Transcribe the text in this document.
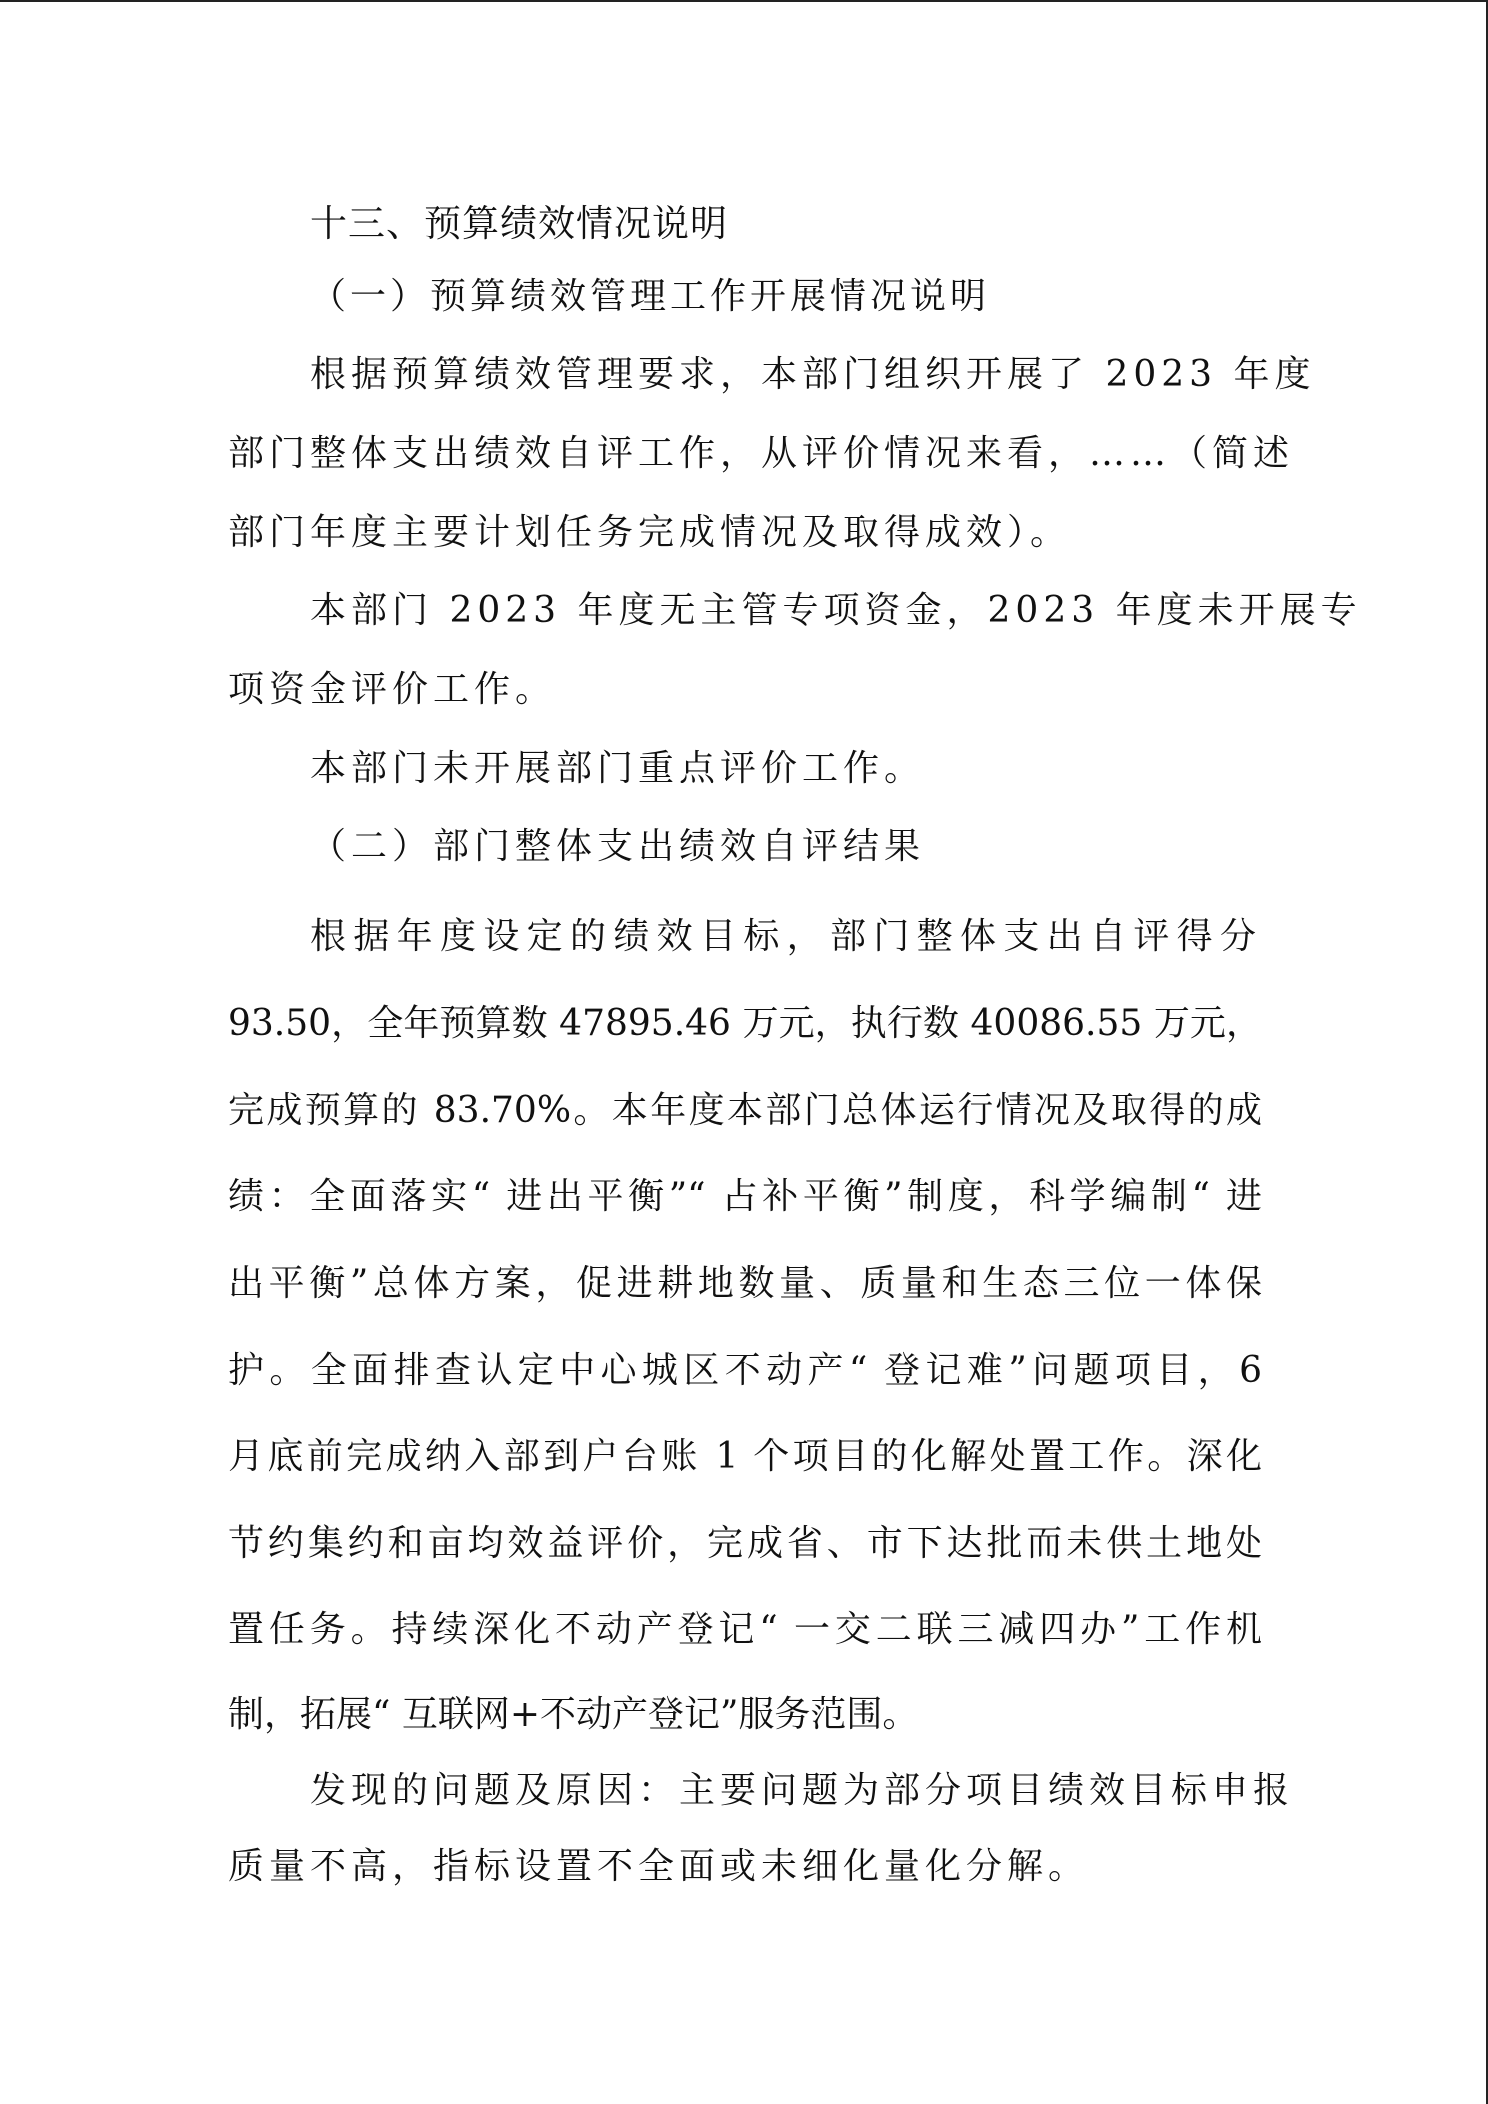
十三、预算绩效情况说明
（一）预算绩效管理工作开展情况说明
根据预算绩效管理要求，本部门组织开展了 2023 年度
部门整体支出绩效自评工作，从评价情况来看，……（简述
部门年度主要计划任务完成情况及取得成效）。
本部门 2023 年度无主管专项资金，2023 年度未开展专
项资金评价工作。
本部门未开展部门重点评价工作。
（二）部门整体支出绩效自评结果
根据年度设定的绩效目标，部门整体支出自评得分
93.50，全年预算数 47895.46 万元，执行数 40086.55 万元，
完成预算的 83.70%。本年度本部门总体运行情况及取得的成
绩：全面落实“ 进出平衡”“ 占补平衡”制度，科学编制“ 进
出平衡”总体方案，促进耕地数量、质量和生态三位一体保
护。全面排查认定中心城区不动产“ 登记难”问题项目，6
月底前完成纳入部到户台账 1 个项目的化解处置工作。深化
节约集约和亩均效益评价，完成省、市下达批而未供土地处
置任务。持续深化不动产登记“ 一交二联三减四办”工作机
制，拓展“ 互联网+不动产登记”服务范围。
发现的问题及原因：主要问题为部分项目绩效目标申报
质量不高，指标设置不全面或未细化量化分解。
